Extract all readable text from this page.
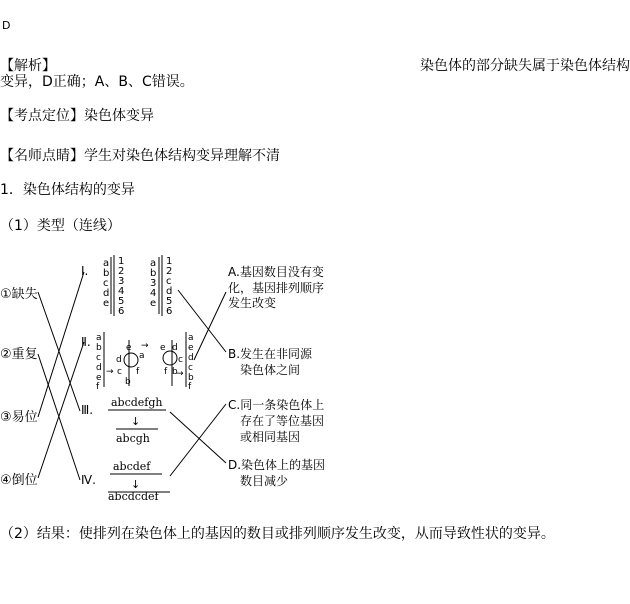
D
【解析】	染色体的部分缺失属于染色体结构
变异，D正确；A、B、C错误。
【考点定位】染色体变异
【名师点睛】学生对染色体结构变异理解不清
1．染色体结构的变异
（1）类型（连线）
①缺失
②重复
③易位
④倒位
Ⅰ.
Ⅱ.
Ⅲ.
Ⅳ.
a
b
c
d
e
1
2
3
4
5
6
a
b
3
4
e
1
2
c
d
5
6
a
b
c
d
e
f
→ c
d
e
f
b
→
a
e d
c
f b
→
a
e
d
c
b
f
abcdefgh
↓
abcgh
abcdef
↓
abcdcdef
A.基因数目没有变
化，基因排列顺序
发生改变
B.发生在非同源
染色体之间
C.同一条染色体上
存在了等位基因
或相同基因
D.染色体上的基因
数目减少
（2）结果：使排列在染色体上的基因的数目或排列顺序发生改变，从而导致性状的变异。
